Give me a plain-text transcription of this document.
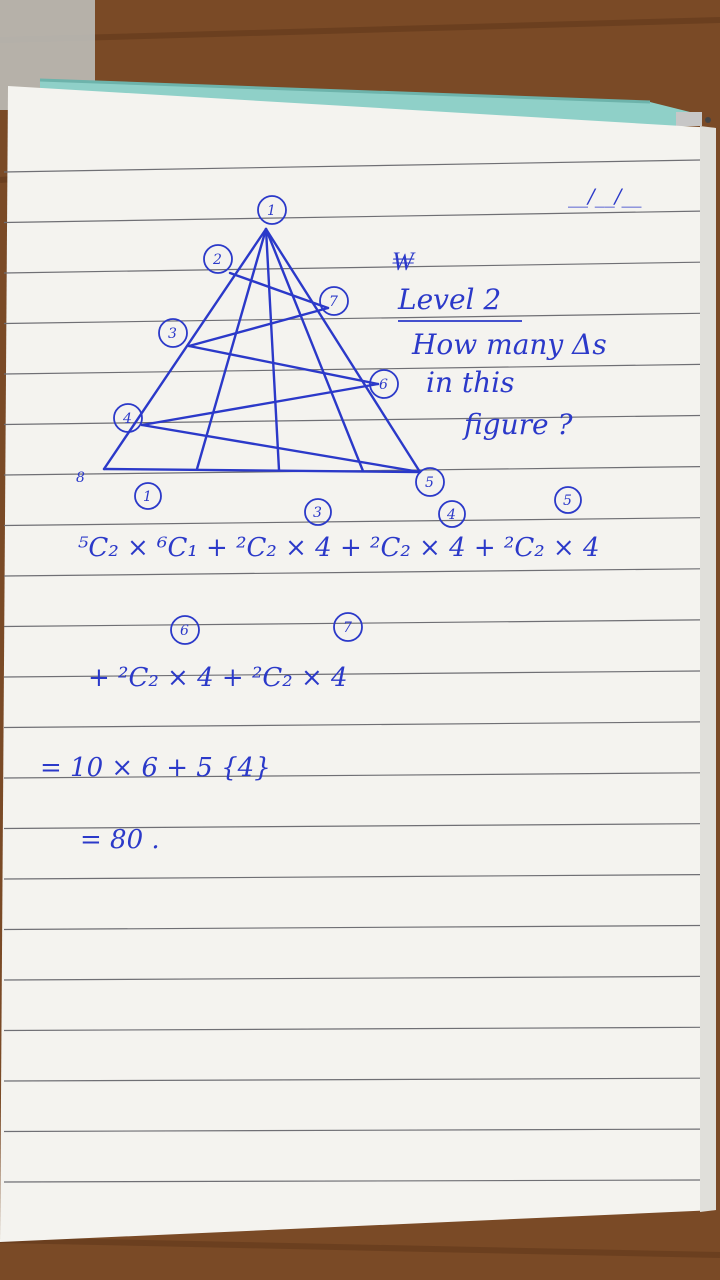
__/__/__
₩
1
2
3
4
5
6
7
8
Level 2
How many Δs
in this
figure ?
1
3	4
5
⁵C₂ × ⁶C₁ + ²C₂ × 4 + ²C₂ × 4 + ²C₂ × 4
6	7
+ ²C₂ × 4 + ²C₂ × 4
= 10 × 6 + 5 {4}
= 80 .
